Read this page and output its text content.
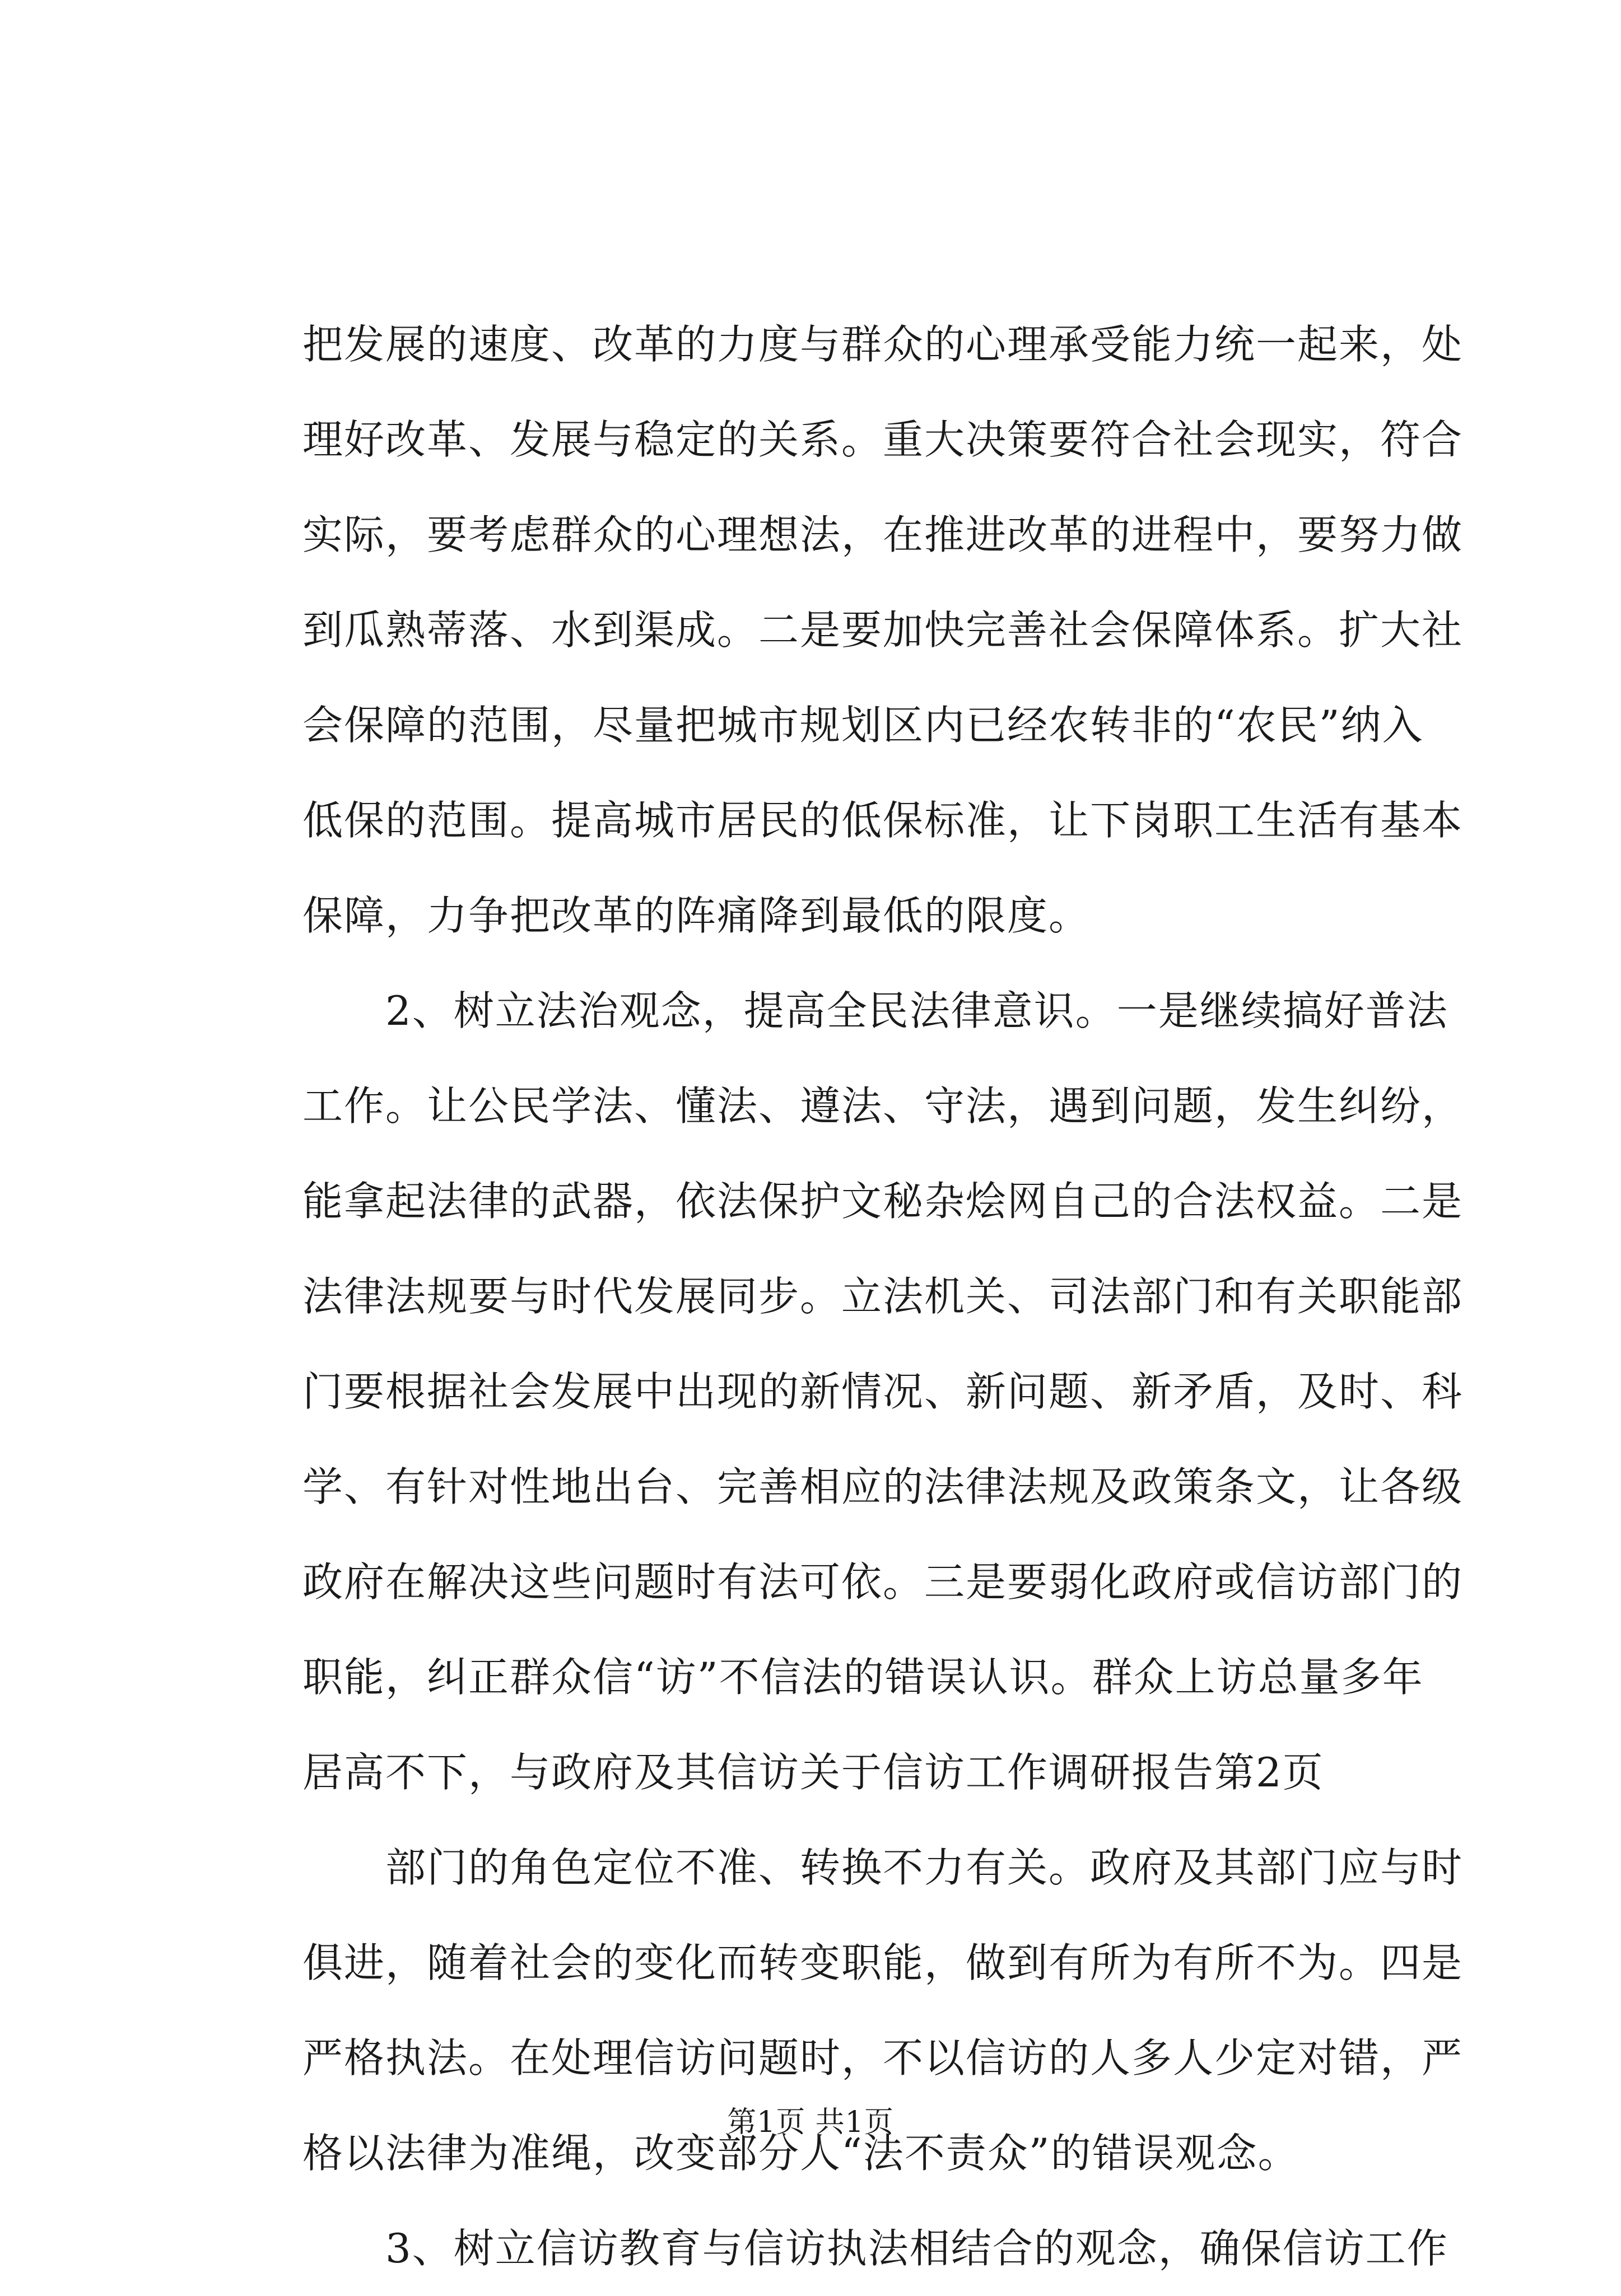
把发展的速度、改革的力度与群众的心理承受能力统一起来，处
理好改革、发展与稳定的关系。重大决策要符合社会现实，符合
实际，要考虑群众的心理想法，在推进改革的进程中，要努力做
到瓜熟蒂落、水到渠成。二是要加快完善社会保障体系。扩大社
会保障的范围，尽量把城市规划区内已经农转非的“农民”纳入
低保的范围。提高城市居民的低保标准，让下岗职工生活有基本
保障，力争把改革的阵痛降到最低的限度。
　　2、树立法治观念，提高全民法律意识。一是继续搞好普法
工作。让公民学法、懂法、遵法、守法，遇到问题，发生纠纷，
能拿起法律的武器，依法保护文秘杂烩网自己的合法权益。二是
法律法规要与时代发展同步。立法机关、司法部门和有关职能部
门要根据社会发展中出现的新情况、新问题、新矛盾，及时、科
学、有针对性地出台、完善相应的法律法规及政策条文，让各级
政府在解决这些问题时有法可依。三是要弱化政府或信访部门的
职能，纠正群众信“访”不信法的错误认识。群众上访总量多年
居高不下，与政府及其信访关于信访工作调研报告第2页
　　部门的角色定位不准、转换不力有关。政府及其部门应与时
俱进，随着社会的变化而转变职能，做到有所为有所不为。四是
严格执法。在处理信访问题时，不以信访的人多人少定对错，严
格以法律为准绳，改变部分人“法不责众”的错误观念。
　　3、树立信访教育与信访执法相结合的观念，确保信访工作
第1页 共1页
